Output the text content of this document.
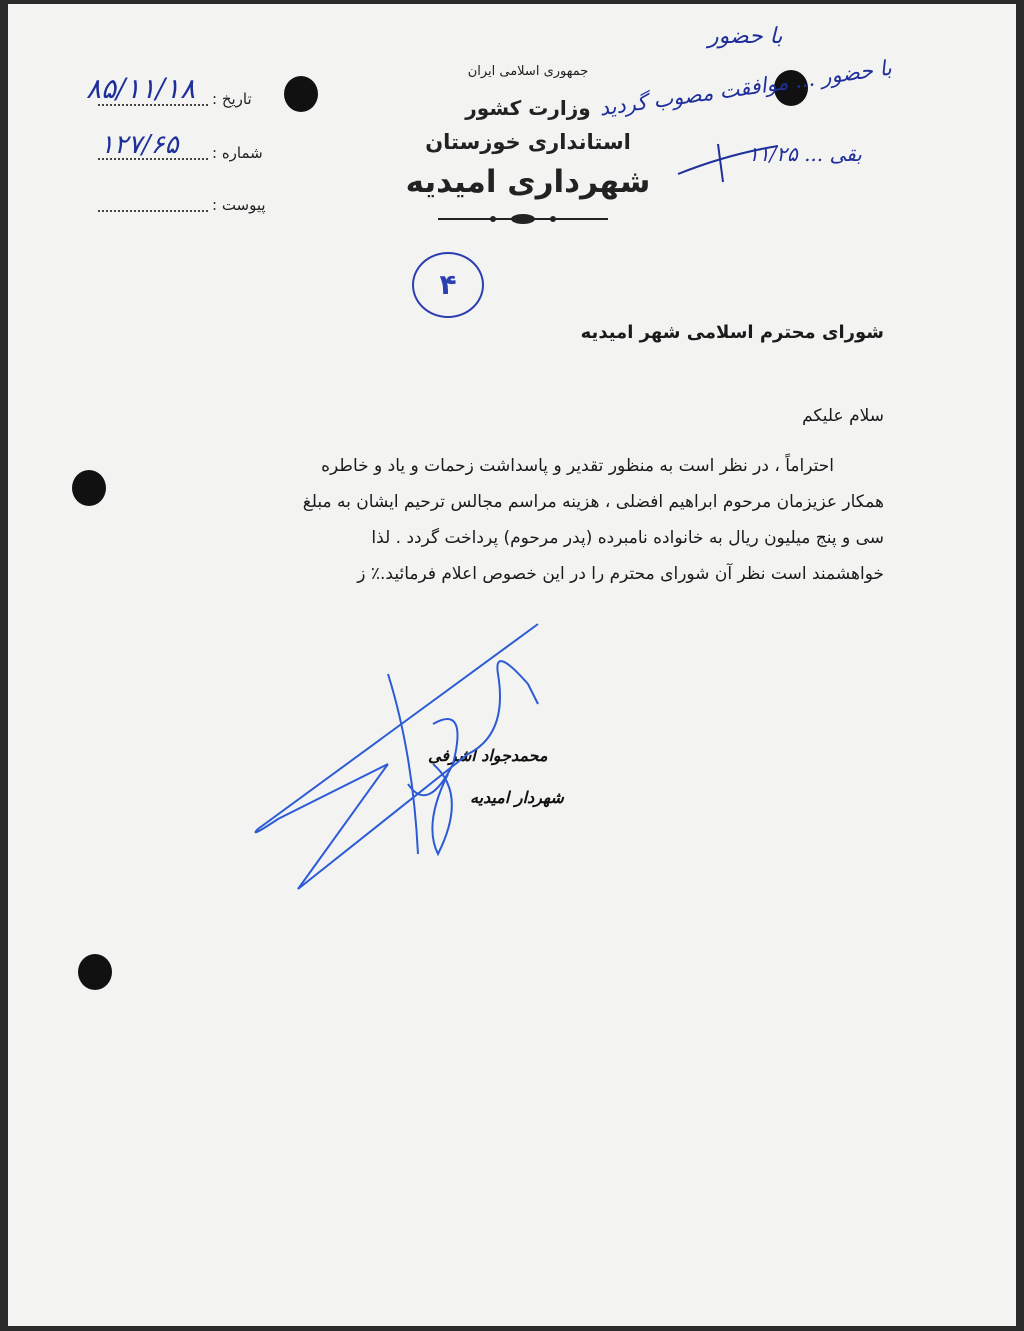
جمهوری اسلامی ایران
وزارت کشور
استانداری خوزستان
شهرداری امیدیه
تاریخ :
۸۵/۱۱/۱۸
شماره :
۱۲۷/۶۵
پیوست :
با حضور
با حضور ... موافقت مصوب گردید
بقی ... ۱۱/۲۵
۴
شورای محترم اسلامی شهر امیدیه
سلام علیکم
احتراماً ، در نظر است به منظور تقدیر و پاسداشت زحمات و یاد و خاطره
همکار عزیزمان مرحوم ابراهیم افضلی ، هزینه مراسم مجالس ترحیم ایشان به مبلغ
سی و پنج میلیون ریال به خانواده نامبرده (پدر مرحوم) پرداخت گردد . لذا
خواهشمند است نظر آن شورای محترم را در این خصوص اعلام فرمائید.٪ ز
محمدجواد اشرفی
شهردار امیدیه
